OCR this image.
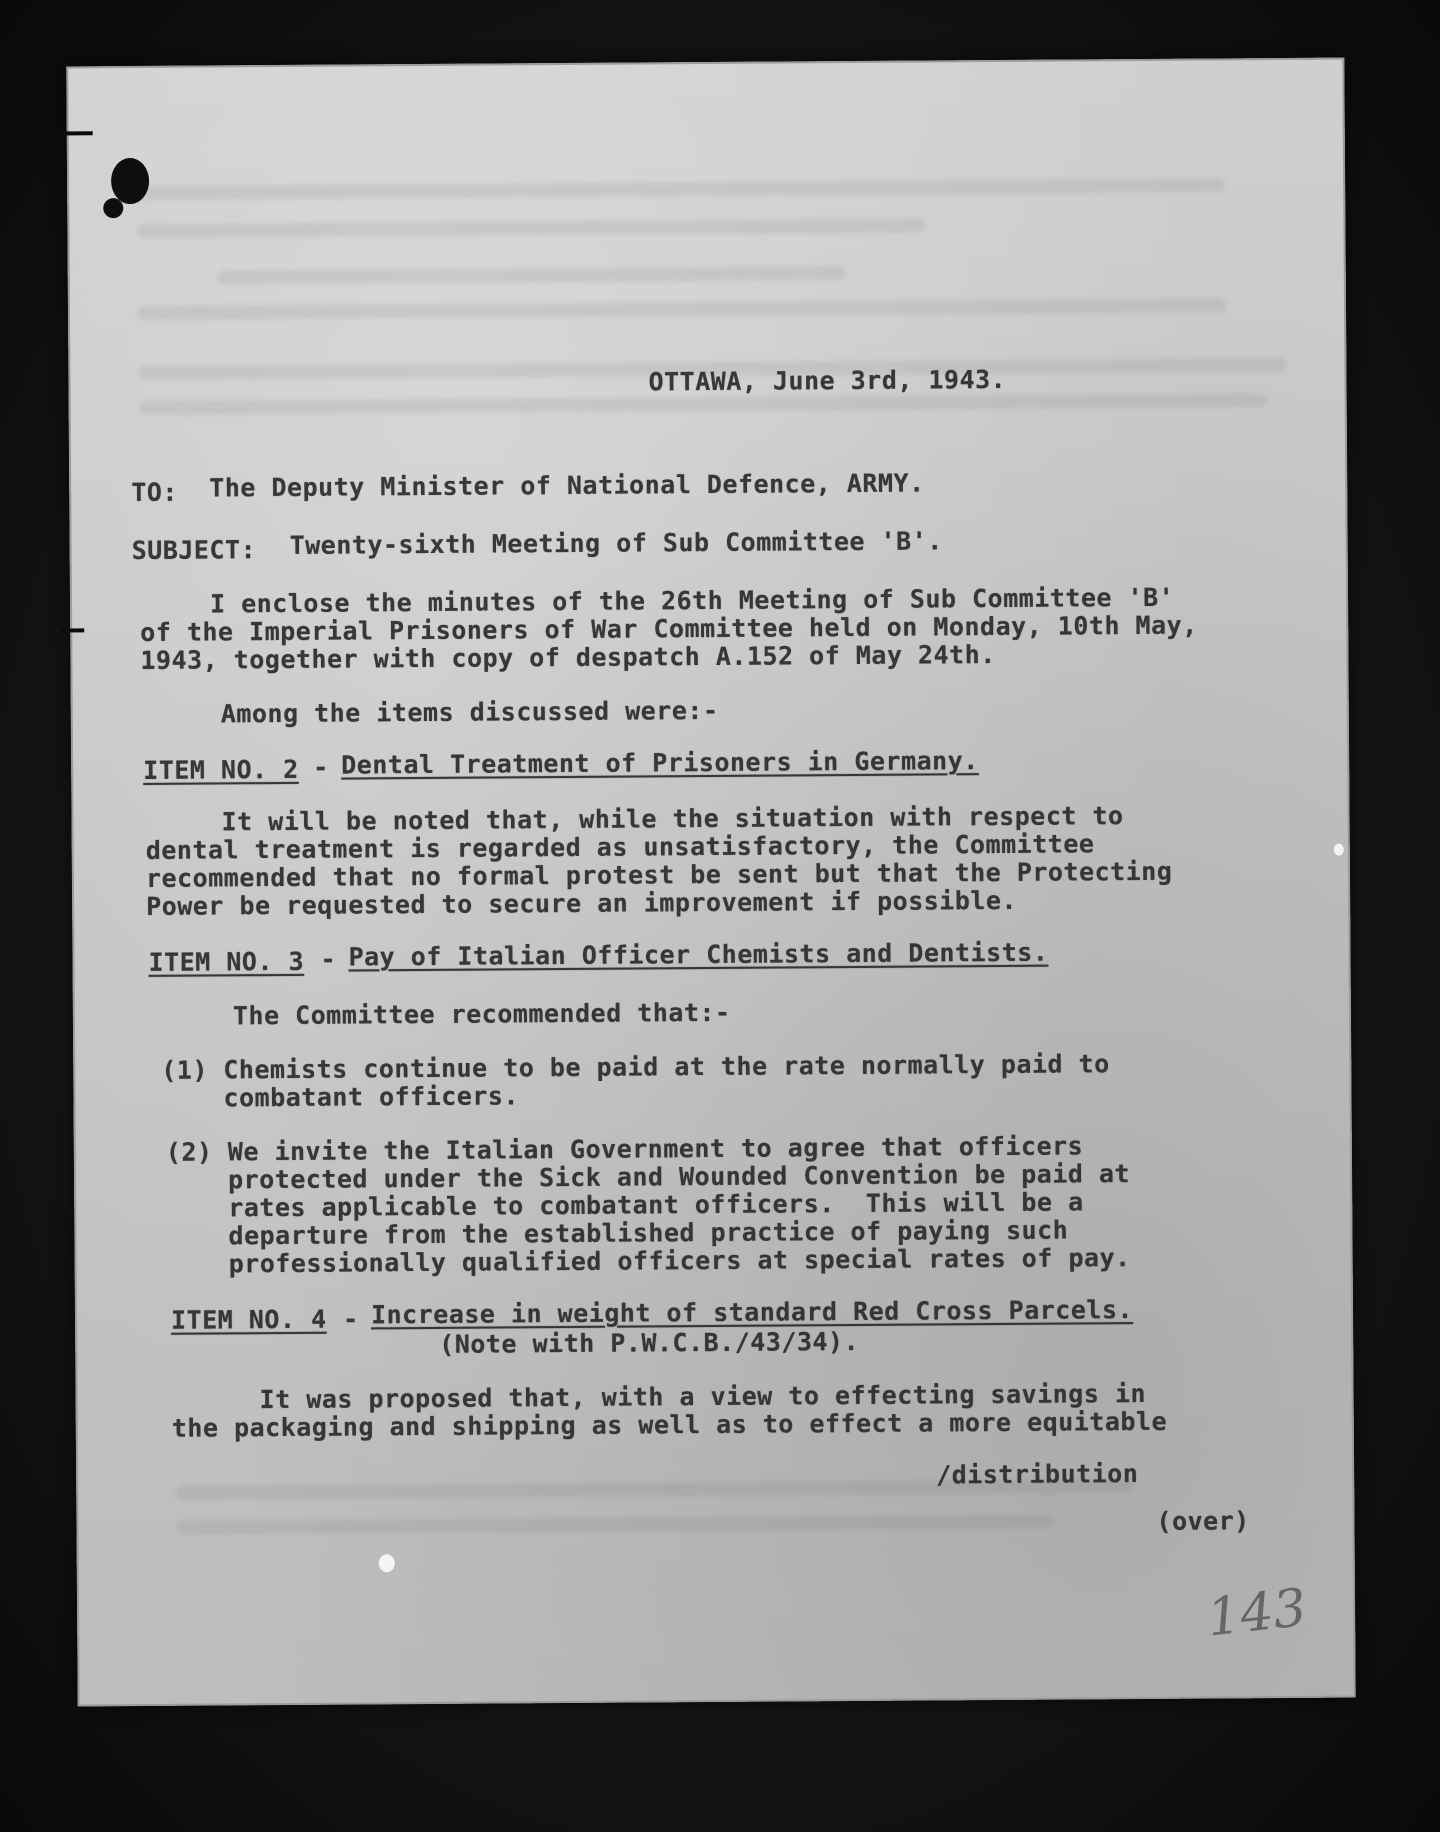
OTTAWA, June 3rd, 1943.
TO: The Deputy Minister of National Defence, ARMY.
SUBJECT: Twenty-sixth Meeting of Sub Committee 'B'.
I enclose the minutes of the 26th Meeting of Sub Committee 'B'
of the Imperial Prisoners of War Committee held on Monday, 10th May,
1943, together with copy of despatch A.152 of May 24th.
Among the items discussed were:-
ITEM NO. 2 - Dental Treatment of Prisoners in Germany.
It will be noted that, while the situation with respect to
dental treatment is regarded as unsatisfactory, the Committee
recommended that no formal protest be sent but that the Protecting
Power be requested to secure an improvement if possible.
ITEM NO. 3 - Pay of Italian Officer Chemists and Dentists.
The Committee recommended that:-
(1) Chemists continue to be paid at the rate normally paid to
combatant officers.
(2) We invite the Italian Government to agree that officers
protected under the Sick and Wounded Convention be paid at
rates applicable to combatant officers.  This will be a
departure from the established practice of paying such
professionally qualified officers at special rates of pay.
ITEM NO. 4 - Increase in weight of standard Red Cross Parcels.
(Note with P.W.C.B./43/34).
It was proposed that, with a view to effecting savings in
the packaging and shipping as well as to effect a more equitable
/distribution
(over)
143
